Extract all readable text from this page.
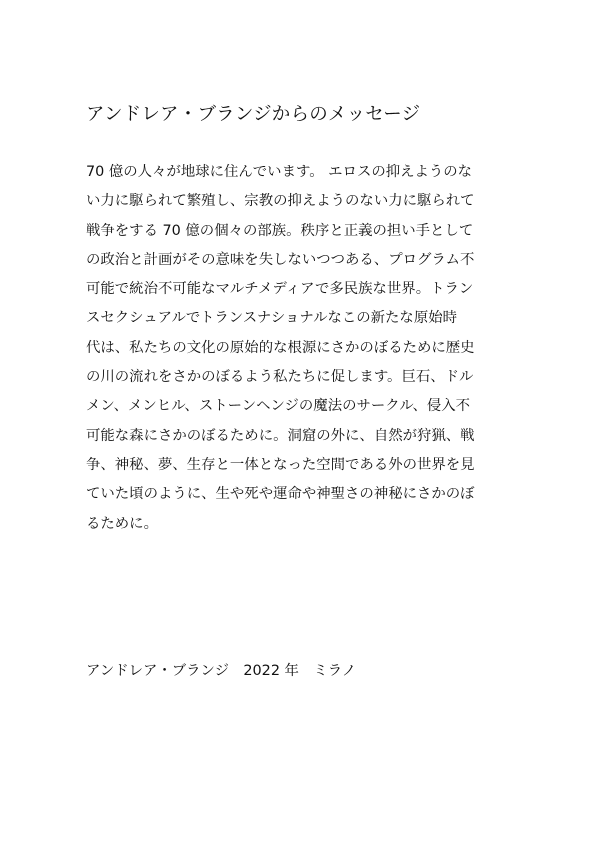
アンドレア・ブランジからのメッセージ
70 億の人々が地球に住んでいます。 エロスの抑えようのな
い力に駆られて繁殖し、宗教の抑えようのない力に駆られて
戦争をする 70 億の個々の部族。秩序と正義の担い手として
の政治と計画がその意味を失しないつつある、プログラム不
可能で統治不可能なマルチメディアで多民族な世界。トラン
スセクシュアルでトランスナショナルなこの新たな原始時
代は、私たちの文化の原始的な根源にさかのぼるために歴史
の川の流れをさかのぼるよう私たちに促します。巨石、ドル
メン、メンヒル、ストーンヘンジの魔法のサークル、侵入不
可能な森にさかのぼるために。洞窟の外に、自然が狩猟、戦
争、神秘、夢、生存と一体となった空間である外の世界を見
ていた頃のように、生や死や運命や神聖さの神秘にさかのぼ
るために。

アンドレア・ブランジ　2022 年　ミラノ
